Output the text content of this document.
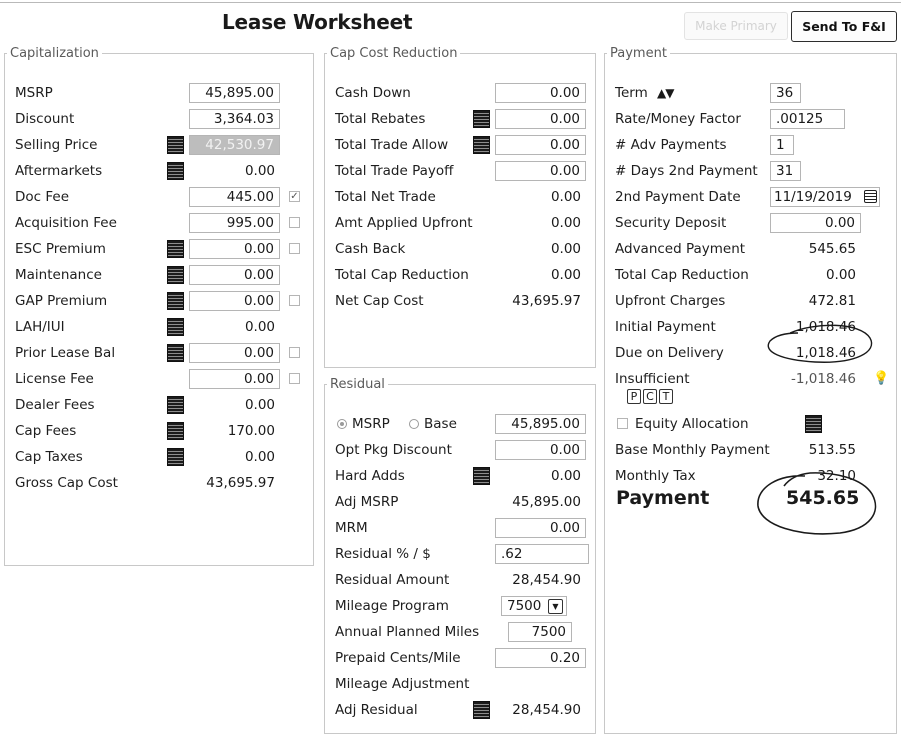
Lease Worksheet	Make Primary	Send To F&I
Capitalization
MSRP	45,895.00
Discount	3,364.03
Selling Price	42,530.97
Aftermarkets	0.00
Doc Fee	445.00	✓
Acquisition Fee	995.00
ESC Premium	0.00
Maintenance	0.00
GAP Premium	0.00
LAH/IUI	0.00
Prior Lease Bal	0.00
License Fee	0.00
Dealer Fees	0.00
Cap Fees	170.00
Cap Taxes	0.00
Gross Cap Cost	43,695.97
Cap Cost Reduction
Cash Down	0.00
Total Rebates	0.00
Total Trade Allow	0.00
Total Trade Payoff	0.00
Total Net Trade	0.00
Amt Applied Upfront	0.00
Cash Back	0.00
Total Cap Reduction	0.00
Net Cap Cost	43,695.97
Residual
MSRP	Base	45,895.00
Opt Pkg Discount	0.00
Hard Adds	0.00
Adj MSRP	45,895.00
MRM	0.00
Residual % / $	.62
Residual Amount	28,454.90
Mileage Program	7500	▼
Annual Planned Miles	7500
Prepaid Cents/Mile	0.20
Mileage Adjustment
Adj Residual	28,454.90
Payment
Term ▲▼	36
Rate/Money Factor	.00125
# Adv Payments	1
# Days 2nd Payment	31
2nd Payment Date 11/19/2019
Security Deposit	0.00
Advanced Payment	545.65
Total Cap Reduction	0.00
Upfront Charges	472.81
Initial Payment	1,018.46
Due on Delivery	1,018.46
Insufficient	-1,018.46 💡
P C T
Equity Allocation
Base Monthly Payment	513.55
Monthly Tax	32.10
Payment	545.65
